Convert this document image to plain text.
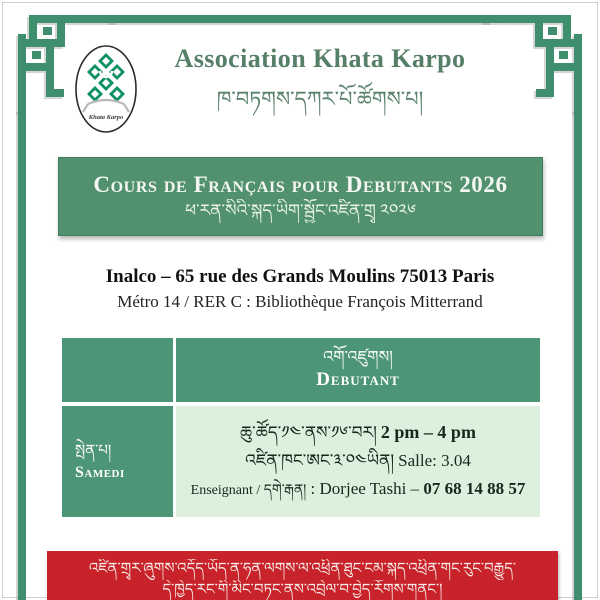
Khata Karpo
Association Khata Karpo
ཁ་བཏགས་དཀར་པོ་ཚོགས་པ།
Cours de Français pour Debutants 2026
ཕ་རན་སིའི་སྐད་ཡིག་སྦྱོང་འཛིན་གྲྭ ༢༠༢༦
Inalco – 65 rue des Grands Moulins 75013 Paris
Métro 14 / RER C : Bibliothèque François Mitterrand
འགོ་འཛུགས།
Debutant
སྤེན་པ།
Samedi
ཆུ་ཚོད་༡༤་ནས་༡༦་བར། 2 pm – 4 pm
འཛིན་ཁང་ཨང་༣་༠༤ཡིན། Salle: 3.04
Enseignant / དགེ་རྒན། : Dorjee Tashi – 07 68 14 88 57
འཛིན་གྲྭར་ཞུགས་འདོད་ཡོད་ན་ཧན་ལགས་ལ་འཕྲིན་ཐུང་ངམ་སྐད་འཕྲིན་གང་རུང་བརྒྱུད་
དེ་ཁྱེད་རང་གི་མིང་བཏང་ནས་འབྲེལ་བ་བྱེད་རོགས་གནང་།
